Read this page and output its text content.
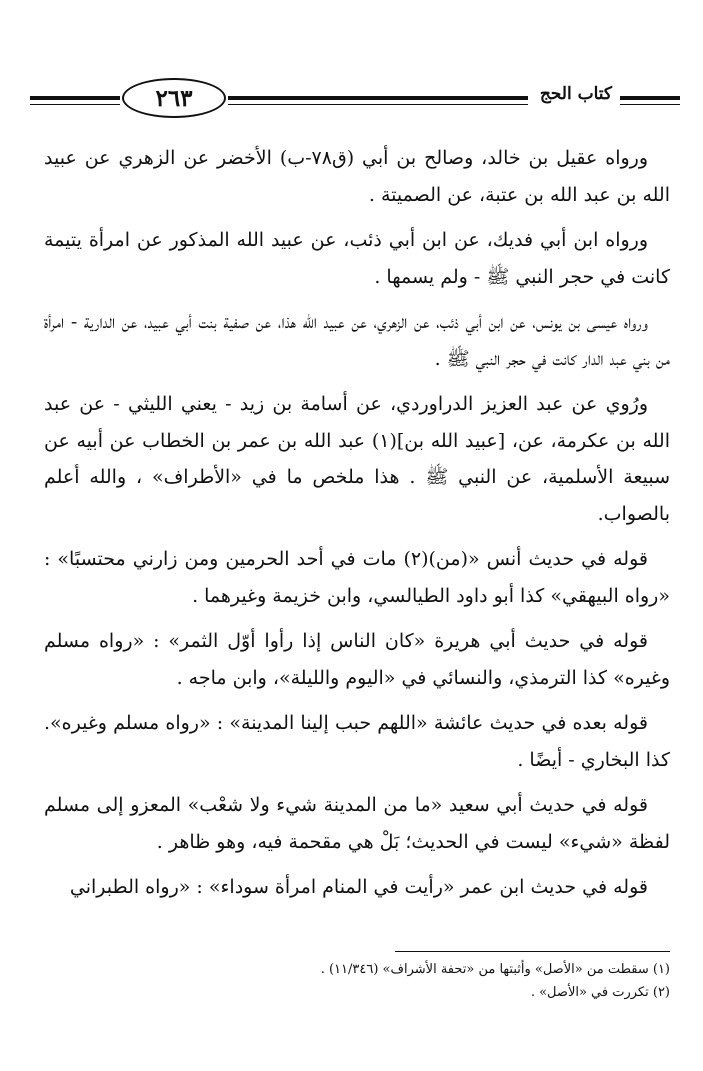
٢٦٣	كتاب الحج

ورواه عقيل بن خالد، وصالح بن أبي (ق٧٨-ب) الأخضر عن الزهري عن عبيد الله بن عبد الله بن عتبة، عن الصميتة .

ورواه ابن أبي فديك، عن ابن أبي ذئب، عن عبيد الله المذكور عن امرأة يتيمة كانت في حجر النبي ﷺ - ولم يسمها .

ورواه عيسى بن يونس، عن ابن أبي ذئب، عن الزهري، عن عبيد الله هذا، عن صفية بنت أبي عبيد، عن الدارية - امرأة من بني عبد الدار كانت في حجر النبي ﷺ .

ورُوي عن عبد العزيز الدراوردي، عن أسامة بن زيد - يعني الليثي - عن عبد الله بن عكرمة، عن، [عبيد الله بن](١) عبد الله بن عمر بن الخطاب عن أبيه عن سبيعة الأسلمية، عن النبي ﷺ . هذا ملخص ما في «الأطراف» ، والله أعلم بالصواب.

قوله في حديث أنس «(من)(٢) مات في أحد الحرمين ومن زارني محتسبًا» : «رواه البيهقي» كذا أبو داود الطيالسي، وابن خزيمة وغيرهما .

قوله في حديث أبي هريرة «كان الناس إذا رأوا أوّل الثمر» : «رواه مسلم وغيره» كذا الترمذي، والنسائي في «اليوم والليلة»، وابن ماجه .

قوله بعده في حديث عائشة «اللهم حبب إلينا المدينة» : «رواه مسلم وغيره». كذا البخاري - أيضًا .

قوله في حديث أبي سعيد «ما من المدينة شيء ولا شعْب» المعزو إلى مسلم لفظة «شيء» ليست في الحديث؛ بَلْ هي مقحمة فيه، وهو ظاهر .

قوله في حديث ابن عمر «رأيت في المنام امرأة سوداء» : «رواه الطبراني

(١) سقطت من «الأصل» وأثبتها من «تحفة الأشراف» (١١/٣٤٦) .

(٢) تكررت في «الأصل» .
